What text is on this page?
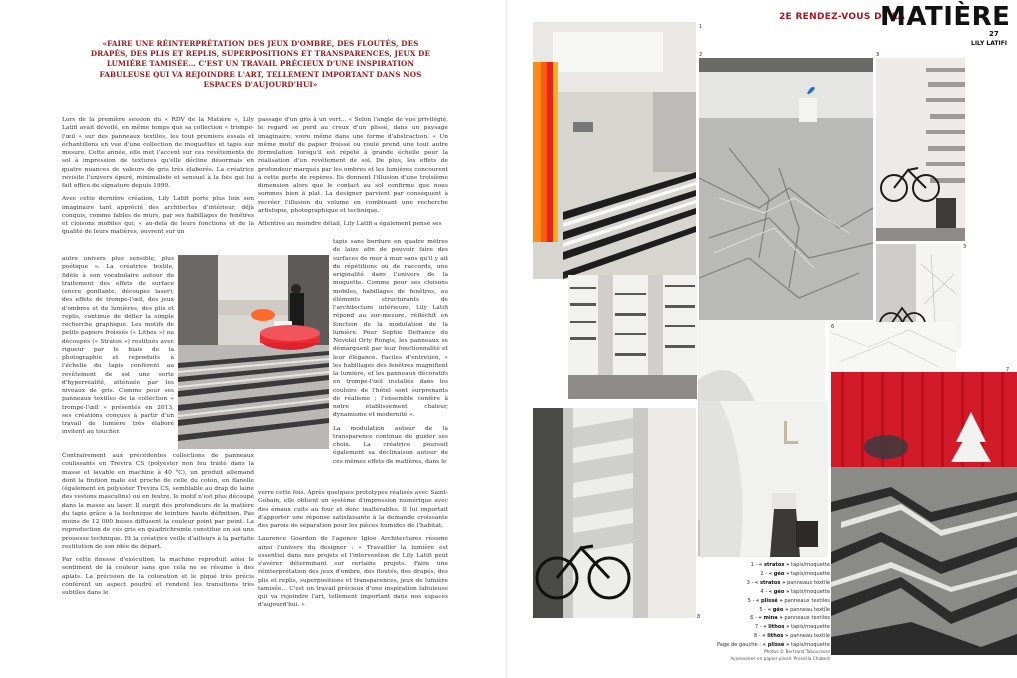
«FAIRE UNE RÉINTERPRÉTATION DES JEUX D'OMBRE, DES FLOUTÉS, DES DRAPÉS, DES PLIS ET REPLIS, SUPERPOSITIONS ET TRANSPARENCES, JEUX DE LUMIÈRE TAMISÉE... C'EST UN TRAVAIL PRÉCIEUX D'UNE INSPIRATION FABULEUSE QUI VA REJOINDRE L'ART, TELLEMENT IMPORTANT DANS NOS ESPACES D'AUJOURD'HUI»

Lors de la première session du « RDV de la Matière », Lily Latifi avait dévoilé, en même temps que sa collection « trompe-l'œil » sur des panneaux textiles, les tout premiers essais et échantillons en vue d'une collection de moquettes et tapis sur mesure. Cette année, elle met l'accent sur ces revêtements de sol à impression de textures qu'elle décline désormais en quatre nuances de valeurs de gris très élaborés. La créatrice revisite l'univers épuré, minimaliste et sensuel à la fois qui lui fait office de signature depuis 1999.

Avec cette dernière création, Lily Latifi porte plus loin son imaginaire tant apprécié des architectes d'intérieur, déjà conquis, comme fables de murs, par ses habillages de fenêtres et cloisons mobiles qui, « au-delà de leurs fonctions et de la qualité de leurs matières, ouvrent sur un

autre univers plus sensible, plus poétique ». La créatrice textile, fidèle à son vocabulaire autour du traitement des effets de surface (encre gonflante, découpes laser), des effets de trompe-l'œil, des jeux d'ombres et de lumières, des plis et replis, continue de défier la simple recherche graphique. Les motifs de petits papiers froissés (« Lithos ») ou découpés (« Stratos ») restitués avec rigueur par le biais de la photographie et reproduits à l'échelle du tapis confèrent au revêtement de sol une sorte d'hyperréalité, atténuée par les niveaux de gris. Comme pour ses panneaux textiles de la collection « trompe-l'œil » présentés en 2013, ses créations conçues à partir d'un travail de lumière très élaboré invitent au toucher.

Contrairement aux précédentes collections de panneaux coulissants en Trevira CS (polyester non feu traité dans la masse et lavable en machine à 40 °C), un produit allemand dont la finition mate est proche de celle du coton, en flanelle (également en polyester Trevira CS, semblable au drap de laine des vestons masculins) ou en feutre, le motif n'est plus découpé dans la masse au laser. Il surgit des profondeurs de la matière du tapis grâce à la technique de teinture haute définition. Pas moins de 12 000 buses diffusent la couleur point par point. La reproduction de ces gris en quadrichromie constitue en soi une prouesse technique. Et la créatrice veille d'ailleurs à la parfaite restitution de son idée de départ.

Par cette finesse d'exécution, la machine reproduit ainsi le sentiment de la couleur sans que cela ne se résume à des aplats. La précision de la coloration et le piqué très précis confèrent un aspect poudré et rendent les transitions très subtiles dans le

passage d'un gris à un vert... « Selon l'angle de vue privilégié, le regard se perd au creux d'un plissé, dans un paysage imaginaire, voire même dans une forme d'abstraction. « Un même motif de papier froissé ou roulé prend une tout autre formulation lorsqu'il est répété à grande échelle pour la réalisation d'un revêtement de sol. De plus, les effets de profondeur marqués par les ombres et les lumières concourent à cette perte de repères. Ils donnent l'illusion d'une troisième dimension alors que le contact au sol confirme que nous sommes bien à plat. La designer parvient par conséquent à recréer l'illusion du volume en combinant une recherche artistique, photographique et technique.

Attentive au moindre détail, Lily Latifi a également pensé ses

tapis sans bordure en quatre mètres de laize afin de pouvoir faire des surfaces de mur à mur sans qu'il y ait de répétitions ou de raccords, une originalité dans l'univers de la moquette. Comme pour ses cloisons mobiles, habillages de fenêtres, ou éléments structurants de l'architecture intérieure, Lily Latifi répond au sur-mesure, réfléchit en fonction de la modulation de la lumière. Pour Sophie Defrance du Novotel Orly Rungis, les panneaux se démarquent par leur fonctionnalité et leur élégance. Faciles d'entretien, « les habillages des fenêtres magnifient la lumière, et les panneaux décoratifs en trompe-l'œil installés dans les couloirs de l'hôtel sont surprenants de réalisme ; l'ensemble confère à notre établissement chaleur, dynamisme et modernité ».

La modulation autour de la transparence continue de guider ses choix. La créatrice poursuit également sa déclinaison autour de ces mêmes effets de matières, dans le

verre cette fois. Après quelques prototypes réalisés avec Saint-Gobain, elle obtient un système d'impression numérique avec des émaux cuits au four et donc inaltérables. Il lui importait d'apporter une réponse satisfaisante à la demande croissante des parois de séparation pour les pièces humides de l'habitat.

Laurence Goardon de l'agence Igloo Architectures résume ainsi l'univers du designer : « Travailler la lumière est essentiel dans nos projets et l'intervention de Lily Latifi peut s'avérer déterminant sur certains projets. Faire une réinterprétation des jeux d'ombre, des floutés, des drapés, des plis et replis, superpositions et transparences, jeux de lumière tamisée... C'est un travail précieux d'une inspiration fabuleuse qui va rejoindre l'art, tellement important dans nos espaces d'aujourd'hui. »

2E RENDEZ-VOUS DE LA
MATIÈRE
27
LILY LATIFI
1
2	3
3
4
6
7
8
1 - « stratos » tapis/moquette
2 - « géo » tapis/moquette
3 - « stratos » panneaux textile
4 - « géo » tapis/moquette
5 - « plissé » panneaux textiles
5 - « géo » panneau textile
6 - « mina » panneaux textiles
7 - « lithos » tapis/moquette
8 - « lithos » panneau textile
Page de gauche : « plissé » tapis/moquette
Photos © Bertrand Tabourasse
Accessoires en papier plissé: Prescilla Chabert
